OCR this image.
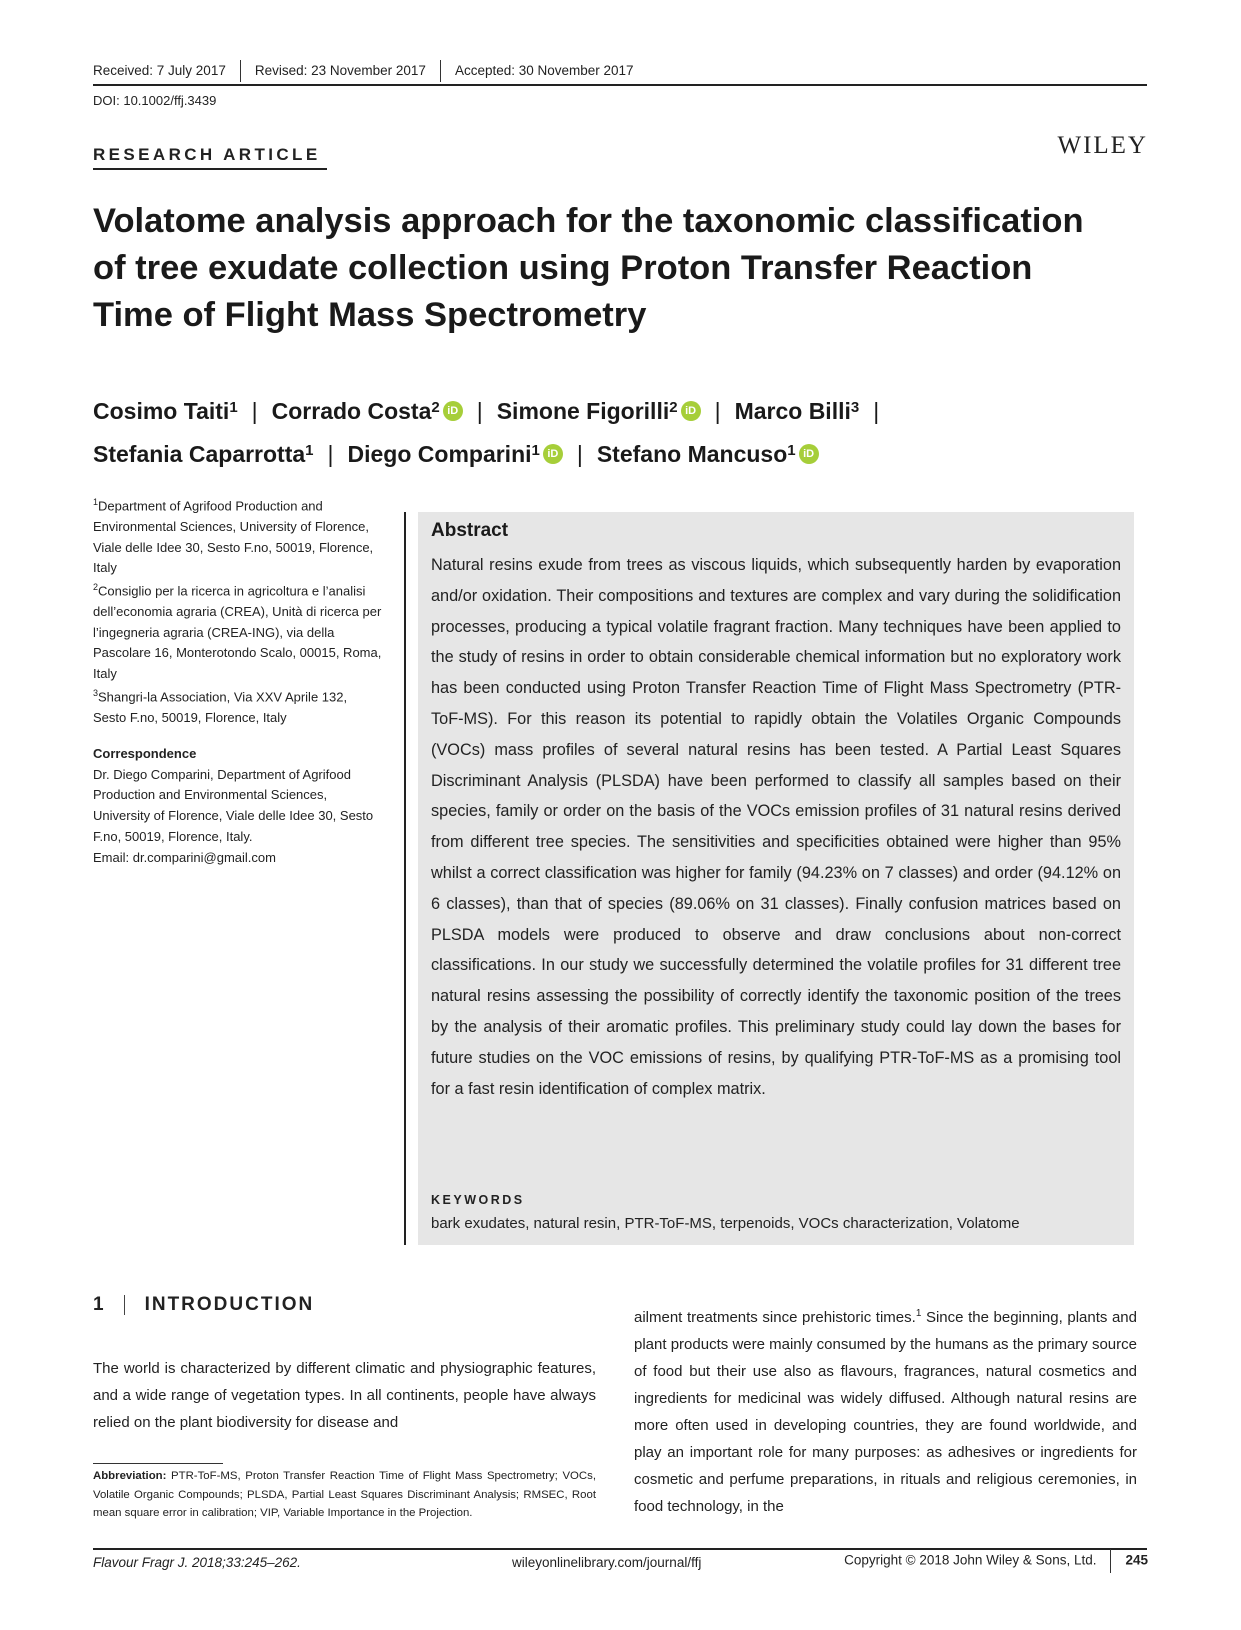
Received: 7 July 2017 Revised: 23 November 2017 Accepted: 30 November 2017
DOI: 10.1002/ffj.3439
RESEARCH ARTICLE	WILEY
Volatome analysis approach for the taxonomic classification
of tree exudate collection using Proton Transfer Reaction
Time of Flight Mass Spectrometry
Cosimo Taiti$^1$ | Corrado Costa$^2$ iD | Simone Figorilli$^2$ iD | Marco Billi$^3$ |
Stefania Caparrotta$^1$ | Diego Comparini$^1$ iD | Stefano Mancuso$^1$ iD
$^1$Department of Agrifood Production and Environmental Sciences, University of Florence, Viale delle Idee 30, Sesto F.no, 50019, Florence, Italy
$^2$Consiglio per la ricerca in agricoltura e l’analisi dell’economia agraria (CREA), Unità di ricerca per l’ingegneria agraria (CREA-ING), via della Pascolare 16, Monterotondo Scalo, 00015, Roma, Italy
$^3$Shangri-la Association, Via XXV Aprile 132, Sesto F.no, 50019, Florence, Italy
Correspondence
Dr. Diego Comparini, Department of Agrifood Production and Environmental Sciences, University of Florence, Viale delle Idee 30, Sesto F.no, 50019, Florence, Italy.
Email: dr.comparini@gmail.com
Abstract
Natural resins exude from trees as viscous liquids, which subsequently harden by evaporation and/or oxidation. Their compositions and textures are complex and vary during the solidification processes, producing a typical volatile fragrant fraction. Many techniques have been applied to the study of resins in order to obtain considerable chemical information but no exploratory work has been conducted using Proton Transfer Reaction Time of Flight Mass Spectrometry (PTR-ToF-MS). For this reason its potential to rapidly obtain the Volatiles Organic Compounds (VOCs) mass profiles of several natural resins has been tested. A Partial Least Squares Discriminant Analysis (PLSDA) have been performed to classify all samples based on their species, family or order on the basis of the VOCs emission profiles of 31 natural resins derived from different tree species. The sensitivities and specificities obtained were higher than 95% whilst a correct classification was higher for family (94.23% on 7 classes) and order (94.12% on 6 classes), than that of species (89.06% on 31 classes). Finally confusion matrices based on PLSDA models were produced to observe and draw conclusions about non-correct classifications. In our study we successfully determined the volatile profiles for 31 different tree natural resins assessing the possibility of correctly identify the taxonomic position of the trees by the analysis of their aromatic profiles. This preliminary study could lay down the bases for future studies on the VOC emissions of resins, by qualifying PTR-ToF-MS as a promising tool for a fast resin identification of complex matrix.
KEYWORDS
bark exudates, natural resin, PTR-ToF-MS, terpenoids, VOCs characterization, Volatome
1 INTRODUCTION
The world is characterized by different climatic and physiographic features, and a wide range of vegetation types. In all continents, people have always relied on the plant biodiversity for disease and
ailment treatments since prehistoric times.$^1$ Since the beginning, plants and plant products were mainly consumed by the humans as the primary source of food but their use also as flavours, fragrances, natural cosmetics and ingredients for medicinal was widely diffused. Although natural resins are more often used in developing countries, they are found worldwide, and play an important role for many purposes: as adhesives or ingredients for cosmetic and perfume preparations, in rituals and religious ceremonies, in food technology, in the
Abbreviation: PTR-ToF-MS, Proton Transfer Reaction Time of Flight Mass Spectrometry; VOCs, Volatile Organic Compounds; PLSDA, Partial Least Squares Discriminant Analysis; RMSEC, Root mean square error in calibration; VIP, Variable Importance in the Projection.
Flavour Fragr J. 2018;33:245–262.	wileyonlinelibrary.com/journal/ffj	Copyright © 2018 John Wiley & Sons, Ltd. 245
